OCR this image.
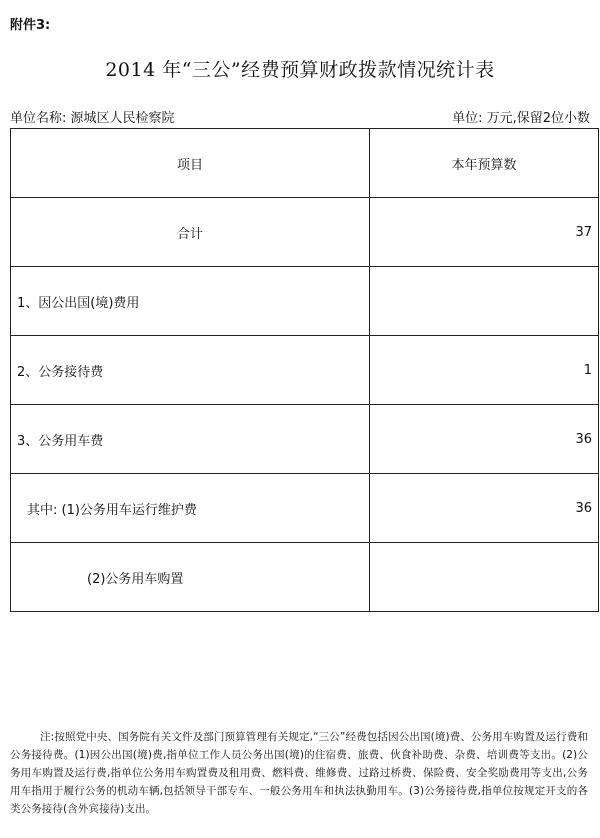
附件3:
2014 年“三公”经费预算财政拨款情况统计表
单位名称: 源城区人民检察院	单位: 万元,保留2位小数
项目	本年预算数
合计	37
1、因公出国(境)费用	
2、公务接待费	1
3、公务用车费	36
其中: (1)公务用车运行维护费	36
(2)公务用车购置	
注:按照党中央、国务院有关文件及部门预算管理有关规定,“三公”经费包括因公出国(境)费、公务用车购置及运行费和公务接待费。(1)因公出国(境)费,指单位工作人员公务出国(境)的住宿费、旅费、伙食补助费、杂费、培训费等支出。(2)公务用车购置及运行费,指单位公务用车购置费及租用费、燃料费、维修费、过路过桥费、保险费、安全奖励费用等支出,公务用车指用于履行公务的机动车辆,包括领导干部专车、一般公务用车和执法执勤用车。(3)公务接待费,指单位按规定开支的各类公务接待(含外宾接待)支出。
